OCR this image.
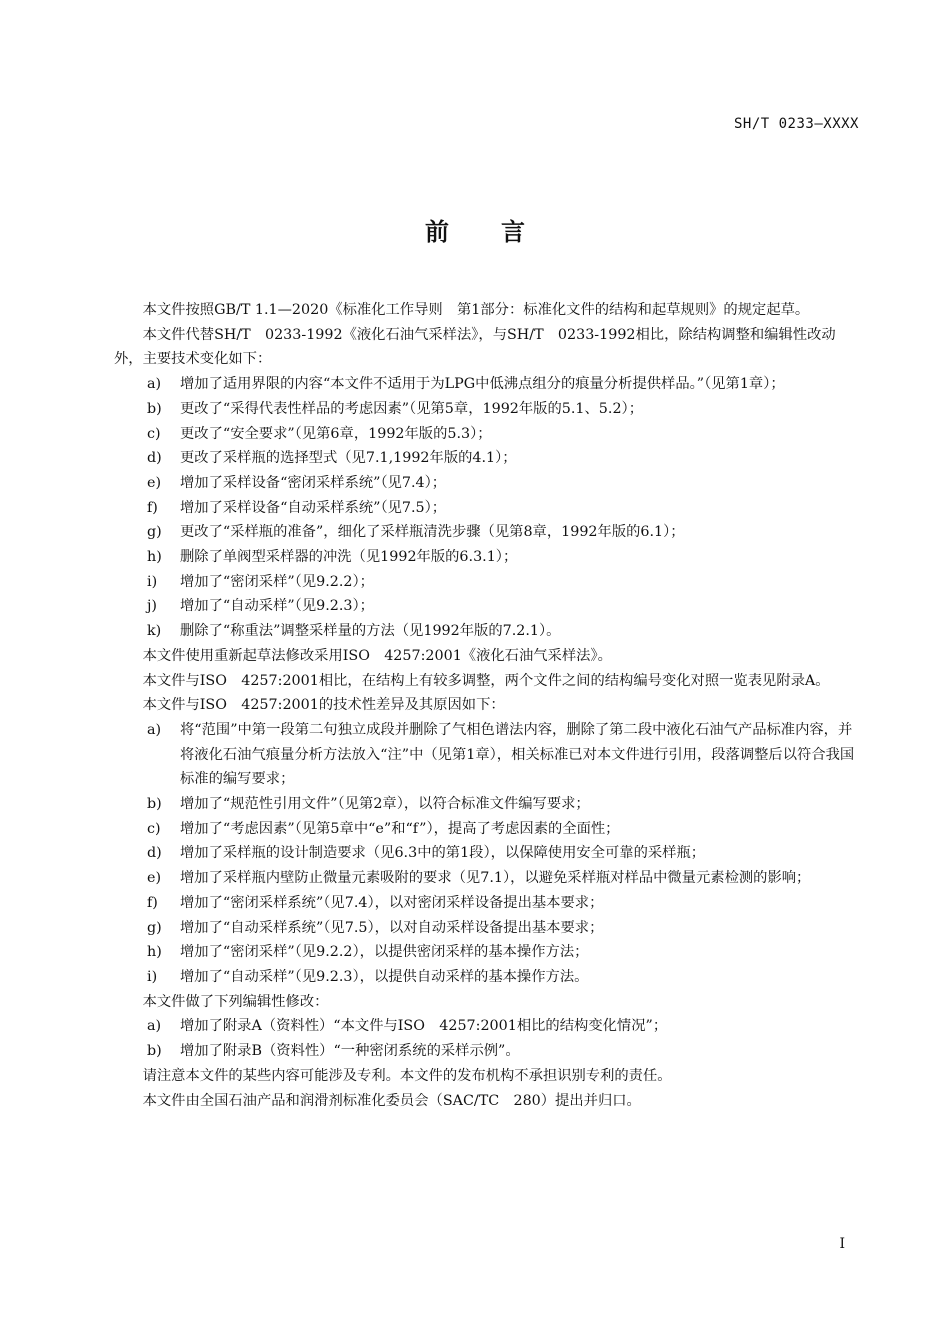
SH/T 0233—XXXX
前言

本文件按照GB/T 1.1—2020《标准化工作导则　第1部分：标准化文件的结构和起草规则》的规定起草。

本文件代替SH/T　0233-1992《液化石油气采样法》，与SH/T　0233-1992相比，除结构调整和编辑性改动外，主要技术变化如下：

a) 增加了适用界限的内容“本文件不适用于为LPG中低沸点组分的痕量分析提供样品。”（见第1章）；

b) 更改了“采得代表性样品的考虑因素”（见第5章，1992年版的5.1、5.2）；

c) 更改了“安全要求”（见第6章，1992年版的5.3）；

d) 更改了采样瓶的选择型式（见7.1,1992年版的4.1）；

e) 增加了采样设备“密闭采样系统”（见7.4）；

f) 增加了采样设备“自动采样系统”（见7.5）；

g) 更改了“采样瓶的准备”，细化了采样瓶清洗步骤（见第8章，1992年版的6.1）；

h) 删除了单阀型采样器的冲洗（见1992年版的6.3.1）；

i) 增加了“密闭采样”（见9.2.2）；

j) 增加了“自动采样”（见9.2.3）；

k) 删除了“称重法”调整采样量的方法（见1992年版的7.2.1）。

本文件使用重新起草法修改采用ISO　4257:2001《液化石油气采样法》。

本文件与ISO　4257:2001相比，在结构上有较多调整，两个文件之间的结构编号变化对照一览表见附录A。

本文件与ISO　4257:2001的技术性差异及其原因如下：

a) 将“范围”中第一段第二句独立成段并删除了气相色谱法内容，删除了第二段中液化石油气产品标准内容，并将液化石油气痕量分析方法放入“注”中（见第1章），相关标准已对本文件进行引用，段落调整后以符合我国标准的编写要求；

b) 增加了“规范性引用文件”（见第2章），以符合标准文件编写要求；

c) 增加了“考虑因素”（见第5章中“e”和“f”），提高了考虑因素的全面性；

d) 增加了采样瓶的设计制造要求（见6.3中的第1段），以保障使用安全可靠的采样瓶；

e) 增加了采样瓶内壁防止微量元素吸附的要求（见7.1），以避免采样瓶对样品中微量元素检测的影响；

f) 增加了“密闭采样系统”（见7.4），以对密闭采样设备提出基本要求；

g) 增加了“自动采样系统”（见7.5），以对自动采样设备提出基本要求；

h) 增加了“密闭采样”（见9.2.2），以提供密闭采样的基本操作方法；

i) 增加了“自动采样”（见9.2.3），以提供自动采样的基本操作方法。

本文件做了下列编辑性修改：

a) 增加了附录A（资料性）“本文件与ISO　4257:2001相比的结构变化情况”；

b) 增加了附录B（资料性）“一种密闭系统的采样示例”。

请注意本文件的某些内容可能涉及专利。本文件的发布机构不承担识别专利的责任。

本文件由全国石油产品和润滑剂标准化委员会（SAC/TC　280）提出并归口。

I
